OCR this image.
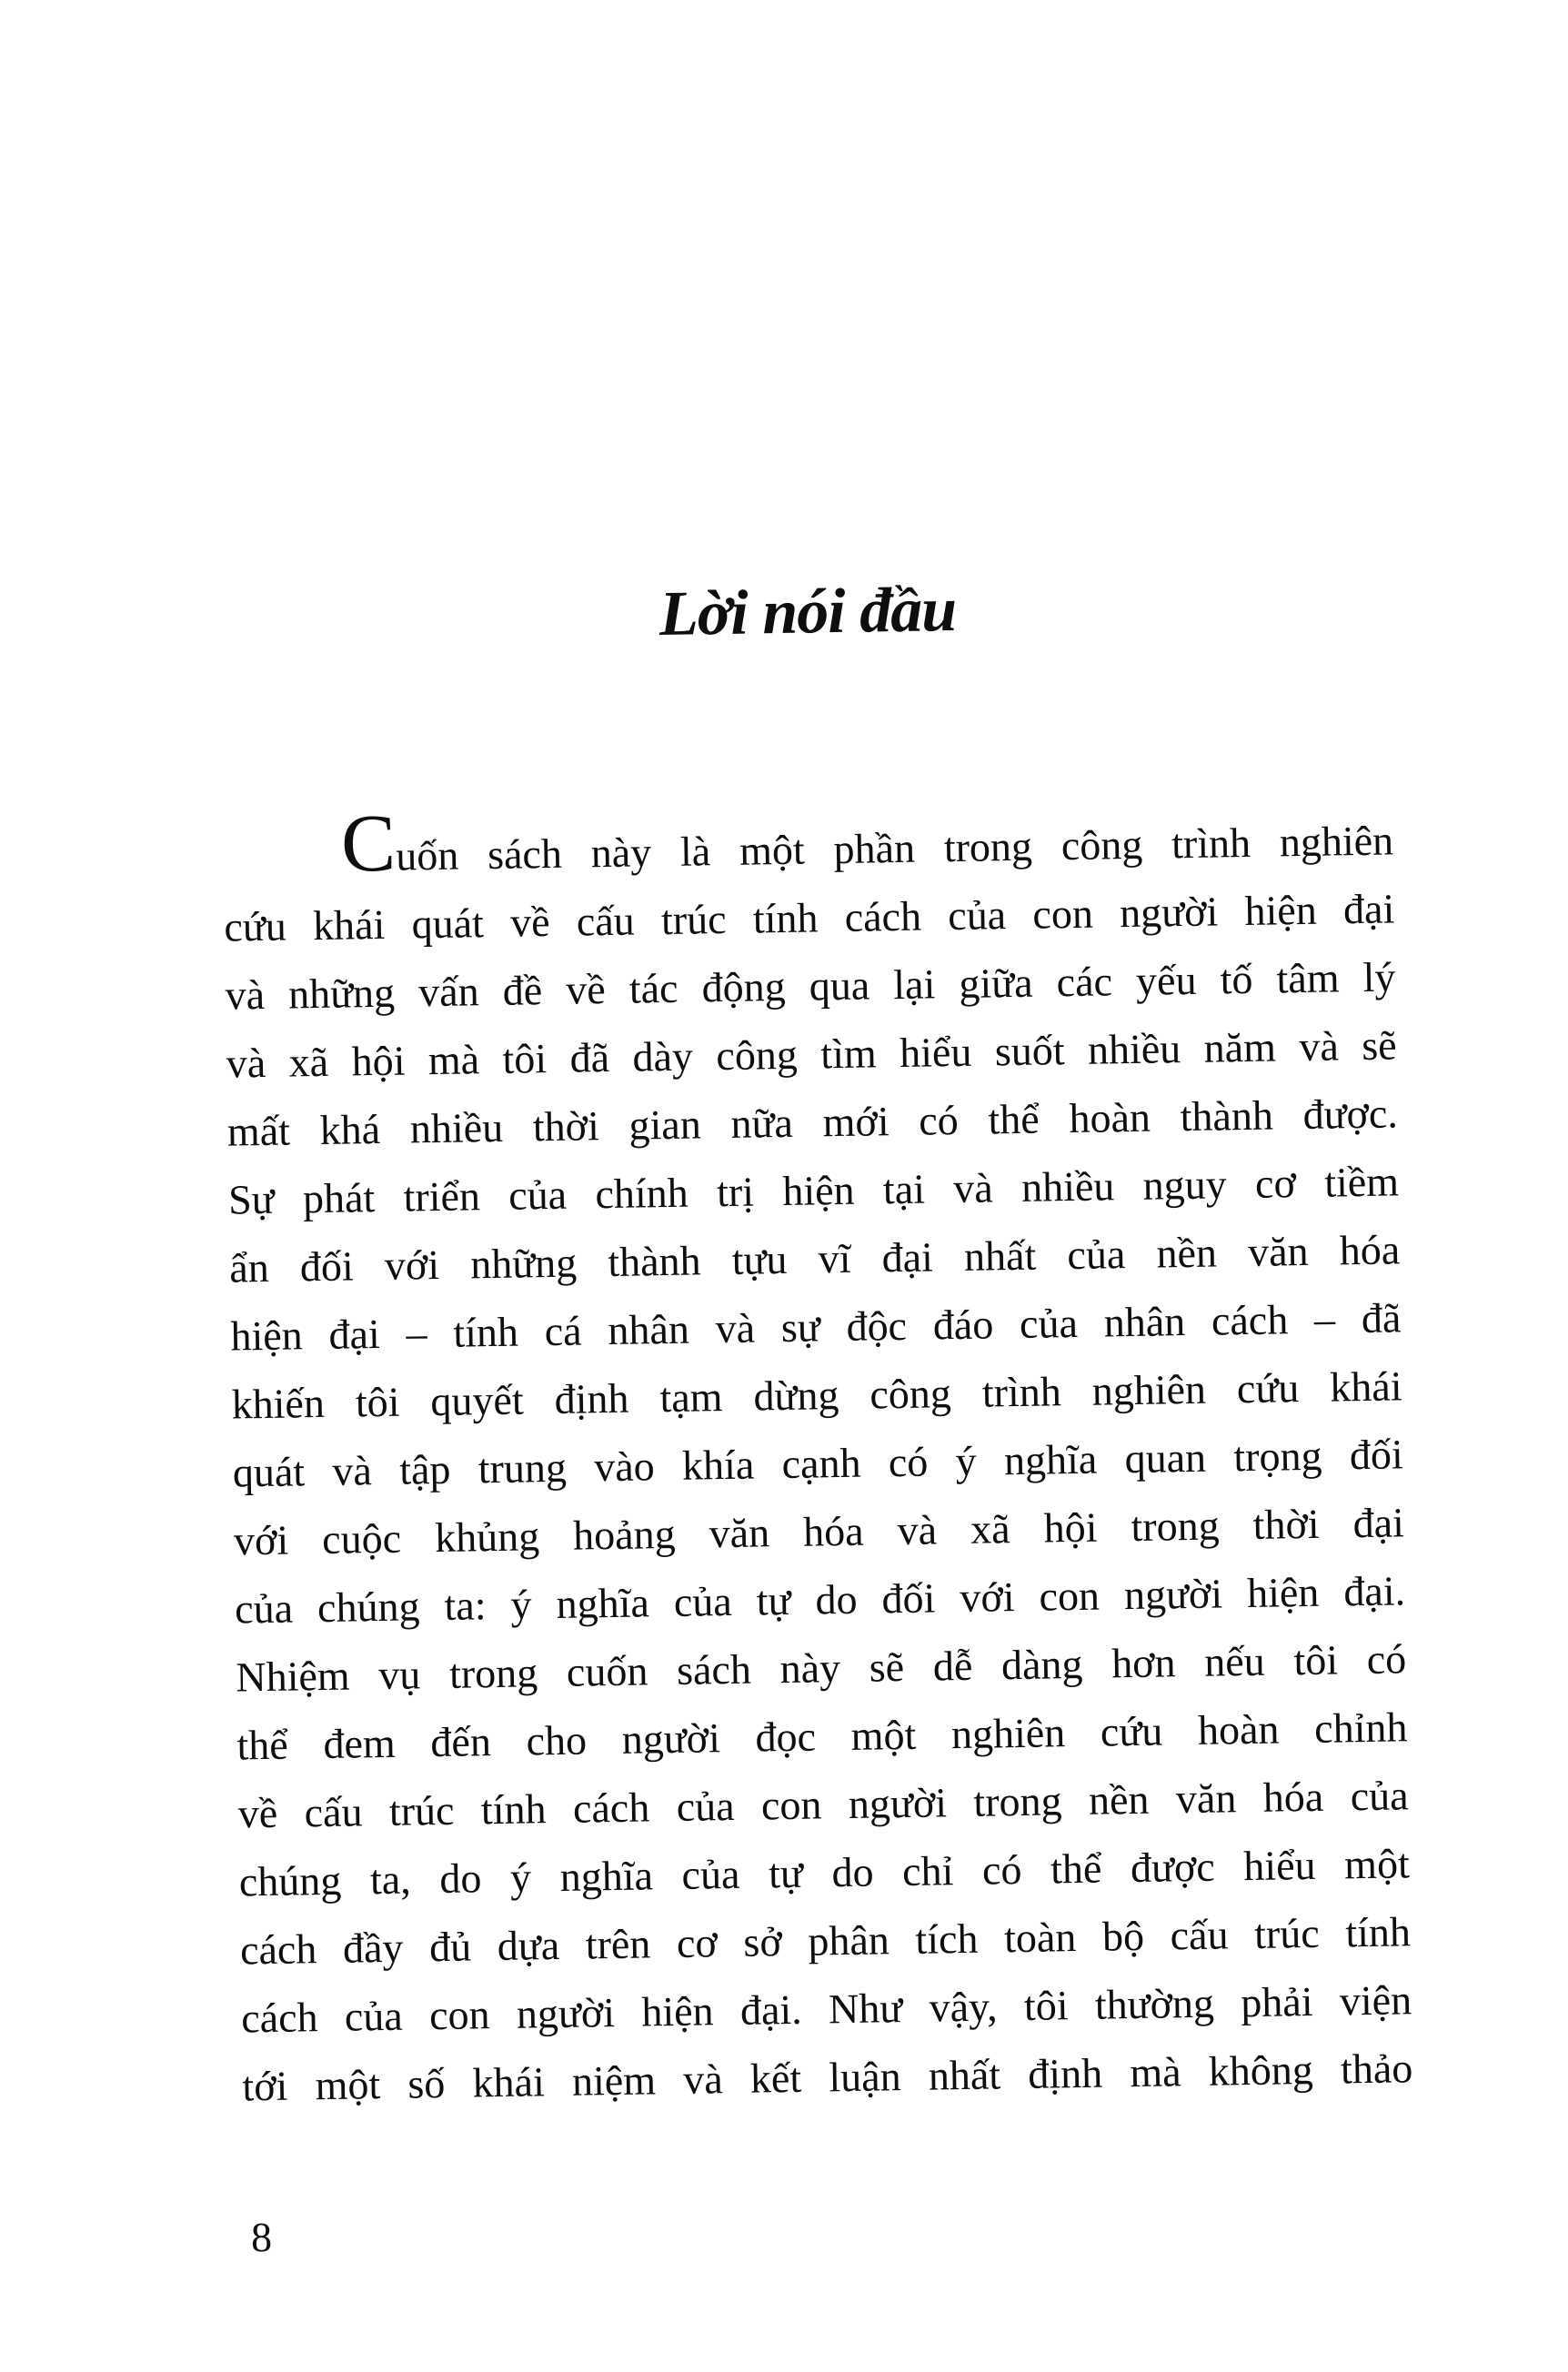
Lời nói đầu
Cuốn sách này là một phần trong công trình nghiên
cứu khái quát về cấu trúc tính cách của con người hiện đại
và những vấn đề về tác động qua lại giữa các yếu tố tâm lý
và xã hội mà tôi đã dày công tìm hiểu suốt nhiều năm và sẽ
mất khá nhiều thời gian nữa mới có thể hoàn thành được.
Sự phát triển của chính trị hiện tại và nhiều nguy cơ tiềm
ẩn đối với những thành tựu vĩ đại nhất của nền văn hóa
hiện đại – tính cá nhân và sự độc đáo của nhân cách – đã
khiến tôi quyết định tạm dừng công trình nghiên cứu khái
quát và tập trung vào khía cạnh có ý nghĩa quan trọng đối
với cuộc khủng hoảng văn hóa và xã hội trong thời đại
của chúng ta: ý nghĩa của tự do đối với con người hiện đại.
Nhiệm vụ trong cuốn sách này sẽ dễ dàng hơn nếu tôi có
thể đem đến cho người đọc một nghiên cứu hoàn chỉnh
về cấu trúc tính cách của con người trong nền văn hóa của
chúng ta, do ý nghĩa của tự do chỉ có thể được hiểu một
cách đầy đủ dựa trên cơ sở phân tích toàn bộ cấu trúc tính
cách của con người hiện đại. Như vậy, tôi thường phải viện
tới một số khái niệm và kết luận nhất định mà không thảo
8
